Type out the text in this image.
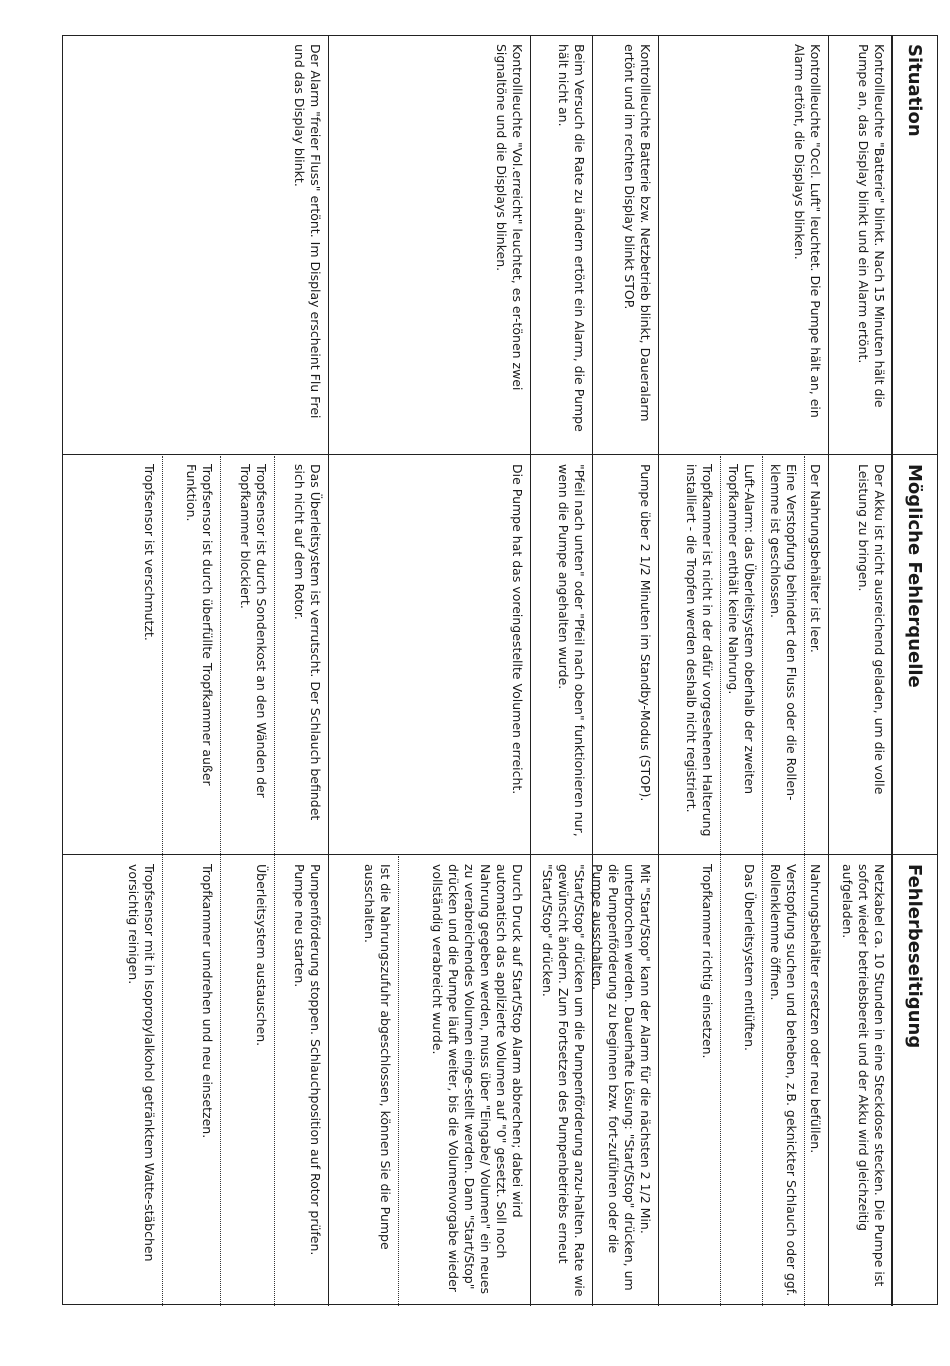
Situation
Mögliche Fehlerquelle
Fehlerbeseitigung
Kontrollleuchte "Batterie" blinkt. Nach 15 Minuten hält die Pumpe an, das Display blinkt und ein Alarm ertönt.
Der Akku ist nicht ausreichend geladen, um die volle Leistung zu bringen.
Netzkabel ca. 10 Stunden in eine Steckdose stecken. Die Pumpe ist sofort wieder betriebsbereit und der Akku wird gleichzeitig aufgeladen.
Kontrollleuchte "Occl. Luft" leuchtet. Die Pumpe hält an, ein Alarm ertönt, die Displays blinken.
Der Nahrungsbehälter ist leer.
Nahrungsbehälter ersetzen oder neu befüllen.
Eine Verstopfung behindert den Fluss oder die Rollen-klemme ist geschlossen.
Verstopfung suchen und beheben, z.B. geknickter Schlauch oder ggf. Rollenklemme öffnen.
Luft-Alarm: das Überleitsystem oberhalb der zweiten Tropfkammer enthält keine Nahrung.
Das Überleitsystem entlüften.
Tropfkammer ist nicht in der dafür vorgesehenen Halterung installiert - die Tropfen werden deshalb nicht registriert.
Tropfkammer richtig einsetzen.
Kontrollleuchte Batterie bzw. Netzbetrieb blinkt, Daueralarm ertönt und im rechten Display blinkt STOP.
Pumpe über 2 1/2 Minuten im Standby-Modus (STOP).
Mit "Start/Stop" kann der Alarm für die nächsten 2 1/2 Min. unterbrochen werden. Dauerhafte Lösung: "Start/Stop" drücken, um die Pumpenförderung zu beginnen bzw. fort-zuführen oder die Pumpe ausschalten.
Beim Versuch die Rate zu ändern ertönt ein Alarm, die Pumpe hält nicht an.
"Pfeil nach unten" oder "Pfeil nach oben" funktionieren nur, wenn die Pumpe angehalten wurde.
"Start/Stop" drücken um die Pumpenförderung anzu-halten. Rate wie gewünscht ändern. Zum Fortsetzen des Pumpenbetriebs erneut "Start/Stop" drücken.
Kontrollleuchte "Vol.erreicht" leuchtet, es er-tönen zwei Signaltöne und die Displays blinken.
Die Pumpe hat das voreingestellte Volumen erreicht.
Durch Druck auf Start/Stop Alarm abbrechen; dabei wird automatisch das applizierte Volumen auf "0" gesetzt. Soll noch Nahrung gegeben werden, muss über "Eingabe/ Volumen" ein neues zu verabreichendes Volumen einge-stellt werden. Dann "Start/Stop" drücken und die Pumpe läuft weiter, bis die Volumenvorgabe wieder vollständig verabreicht wurde.
Ist die Nahrungszufuhr abgeschlossen, können Sie die Pumpe ausschalten.
Der Alarm "freier Fluss" ertönt. Im Display erscheint Flu Frei und das Display blinkt.
Das Überleitsystem ist verrutscht. Der Schlauch befindet sich nicht auf dem Rotor.
Pumpenförderung stoppen. Schlauchposition auf Rotor prüfen. Pumpe neu starten.
Tropfsensor ist durch Sondenkost an den Wänden der Tropfkammer blockiert.
Überleitsystem austauschen.
Tropfsensor ist durch überfüllte Tropfkammer außer Funktion.
Tropfkammer umdrehen und neu einsetzen.
Tropfsensor ist verschmutzt.
Tropfsensor mit in Isopropylalkohol getränktem Watte-stäbchen vorsichtig reinigen.
